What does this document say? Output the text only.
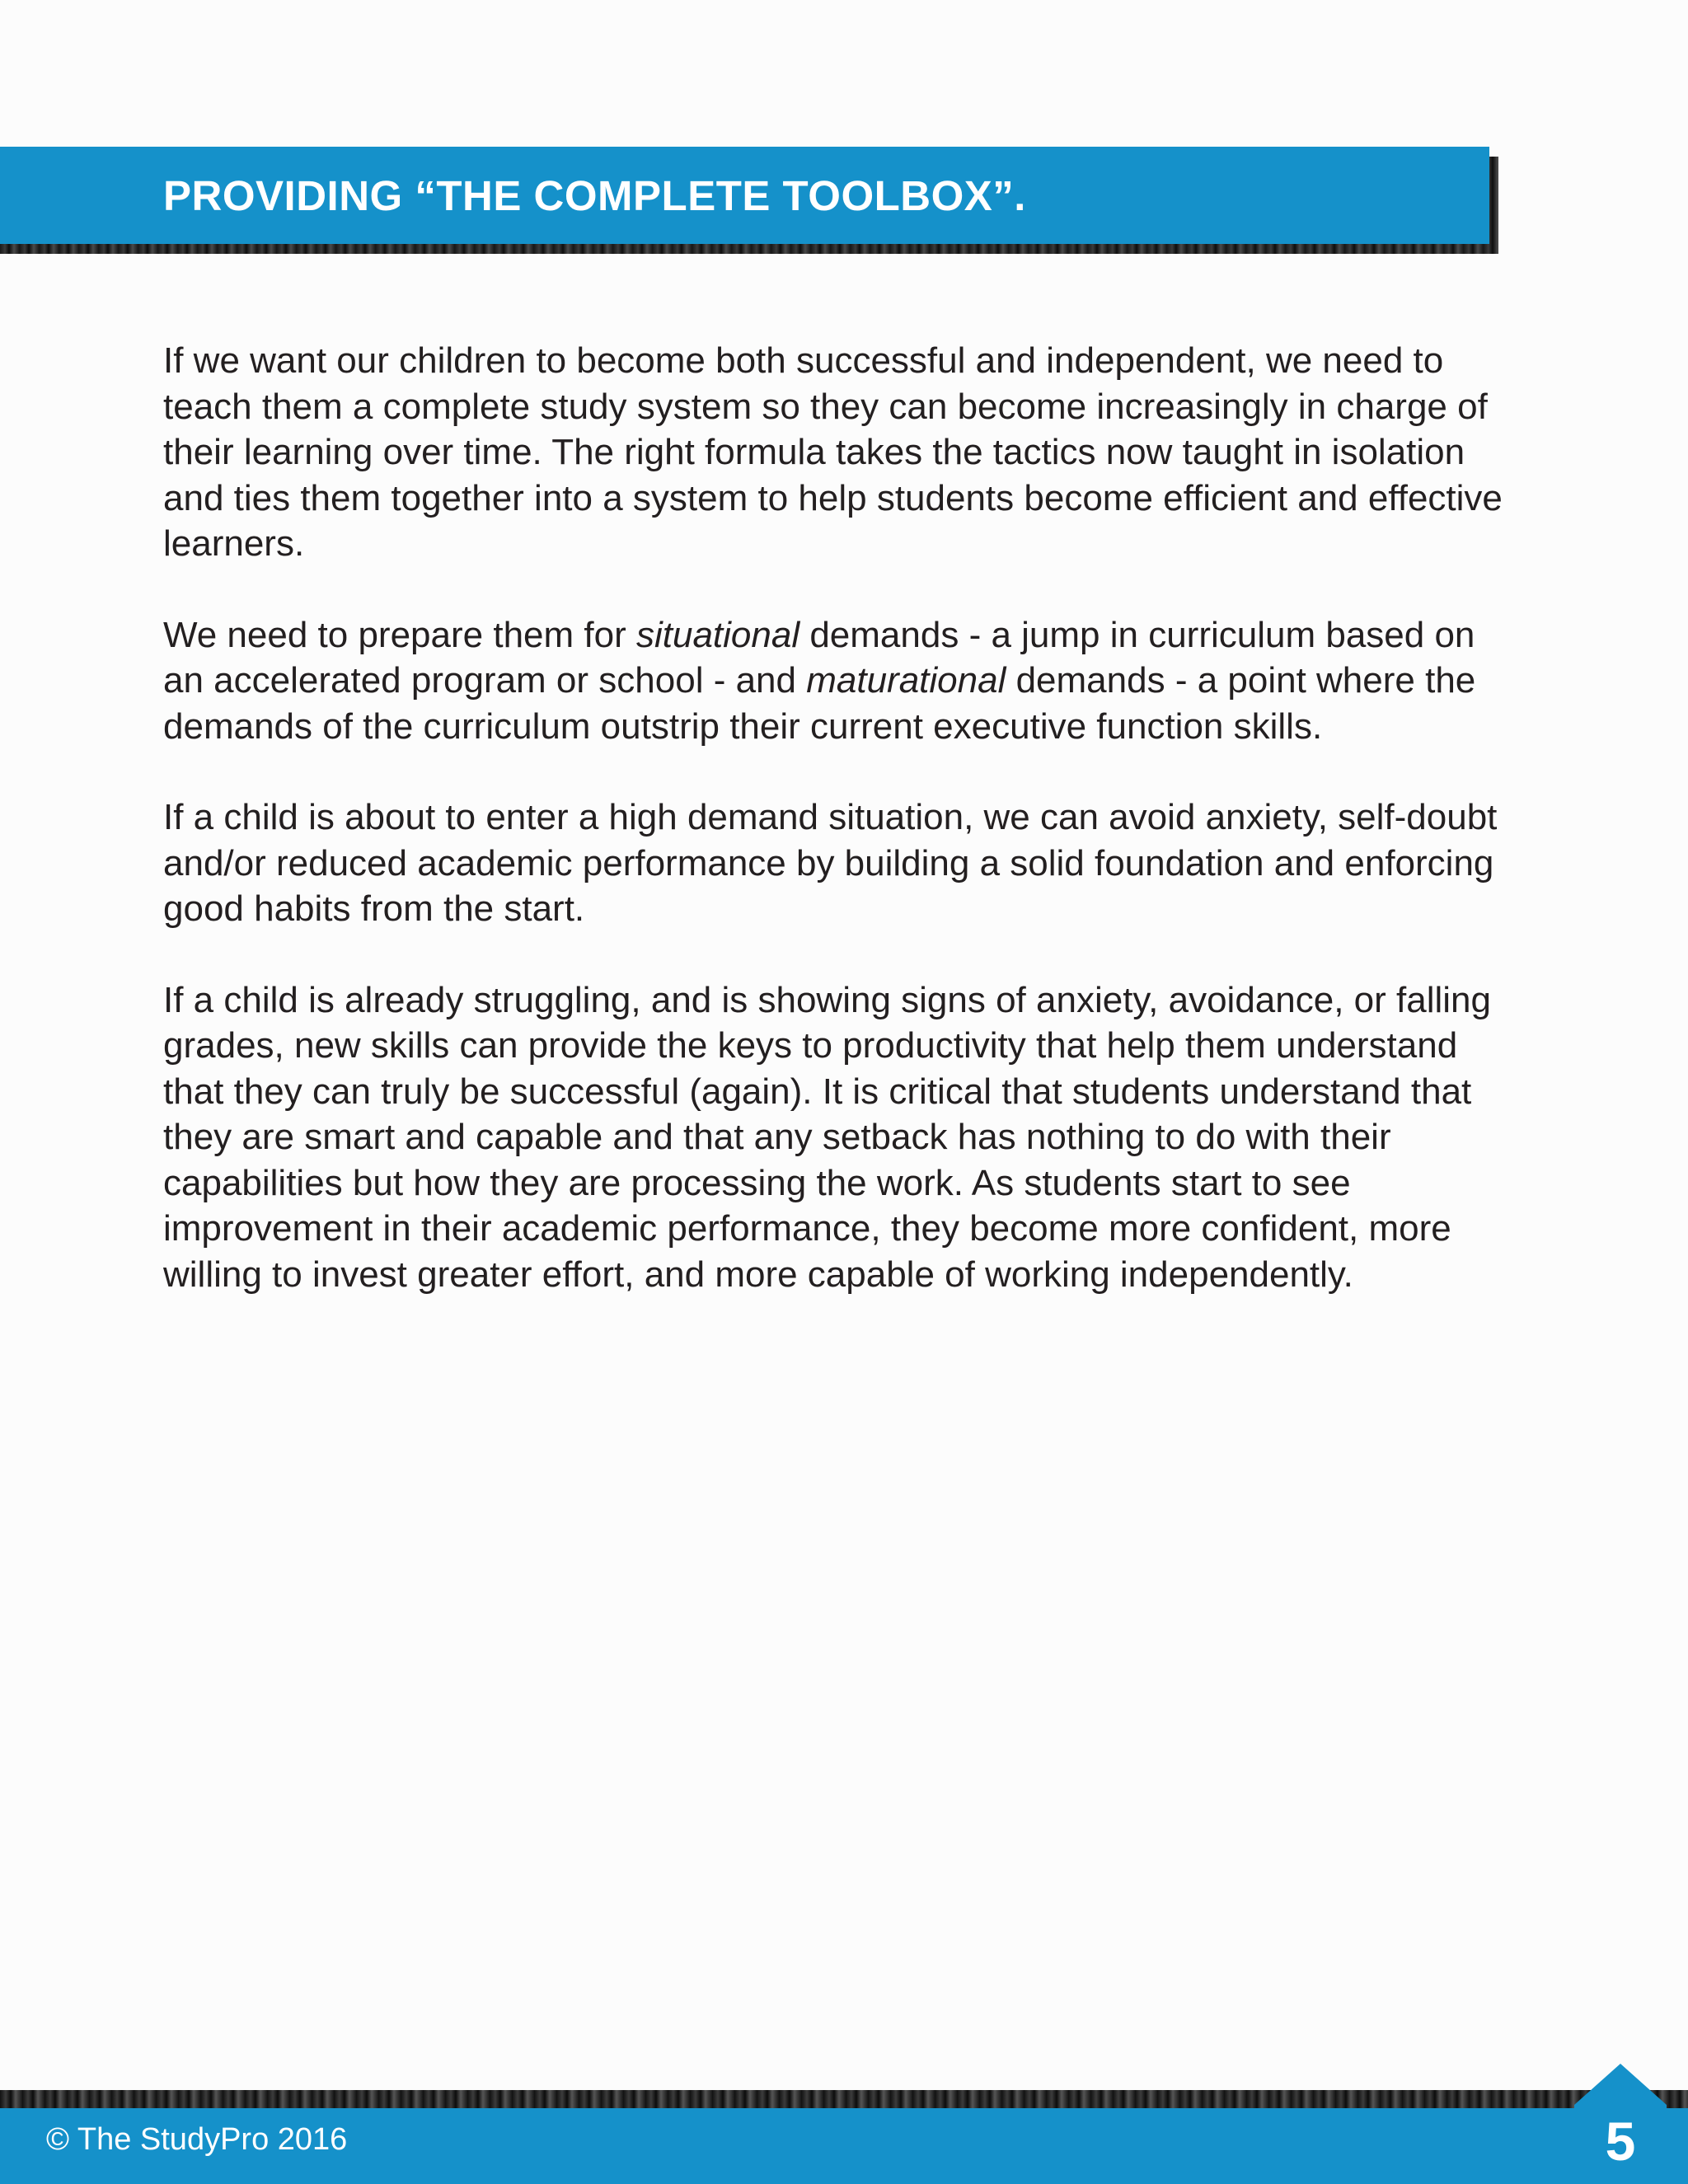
PROVIDING “THE COMPLETE TOOLBOX”.

If we want our children to become both successful and independent, we need to teach them a complete study system so they can become increasingly in charge of their learning over time. The right formula takes the tactics now taught in isolation and ties them together into a system to help students become efficient and effective learners.

We need to prepare them for situational demands - a jump in curriculum based on an accelerated program or school - and maturational demands - a point where the demands of the curriculum outstrip their current executive function skills.

If a child is about to enter a high demand situation, we can avoid anxiety, self-doubt and/or reduced academic performance by building a solid foundation and enforcing good habits from the start.

If a child is already struggling, and is showing signs of anxiety, avoidance, or falling grades, new skills can provide the keys to productivity that help them understand that they can truly be successful (again). It is critical that students understand that they are smart and capable and that any setback has nothing to do with their capabilities but how they are processing the work. As students start to see improvement in their academic performance, they become more confident, more willing to invest greater effort, and more capable of working independently.

© The StudyPro 2016	5
